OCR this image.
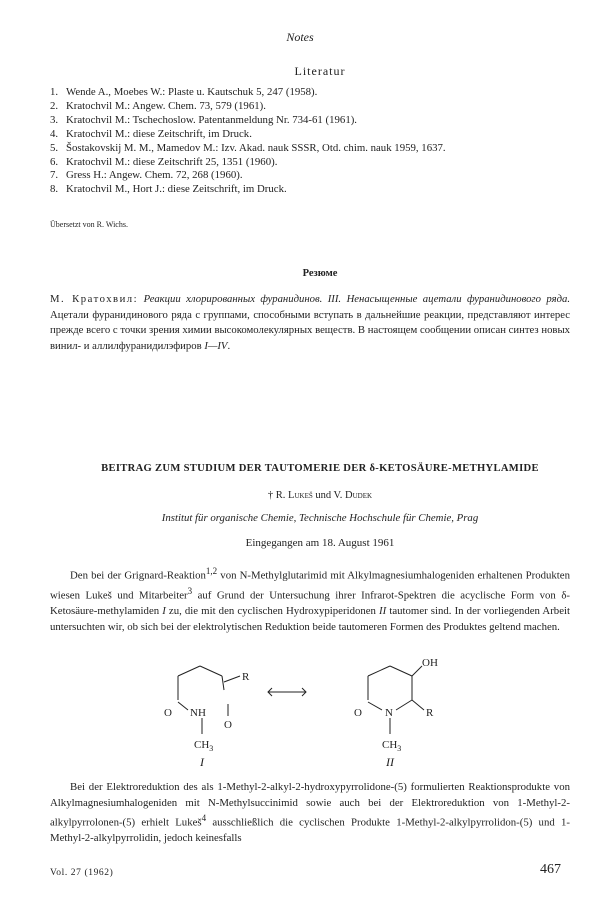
Notes
Literatur
1. Wende A., Moebes W.: Plaste u. Kautschuk 5, 247 (1958).
2. Kratochvil M.: Angew. Chem. 73, 579 (1961).
3. Kratochvil M.: Tschechoslow. Patentanmeldung Nr. 734-61 (1961).
4. Kratochvil M.: diese Zeitschrift, im Druck.
5. Šostakovskij M. M., Mamedov M.: Izv. Akad. nauk SSSR, Otd. chim. nauk 1959, 1637.
6. Kratochvil M.: diese Zeitschrift 25, 1351 (1960).
7. Gress H.: Angew. Chem. 72, 268 (1960).
8. Kratochvil M., Hort J.: diese Zeitschrift, im Druck.
Übersetzt von R. Wichs.
Резюме

М. Кратохвил: Реакции хлорированных фуранидинов. III. Ненасыщенные ацетали фуранидинового ряда. Ацетали фуранидинового ряда с группами, способными вступать в дальнейшие реакции, представляют интерес прежде всего с точки зрения химии высокомолекулярных веществ. В настоящем сообщении описан синтез новых винил- и аллилфуранидилэфиров I—IV.

BEITRAG ZUM STUDIUM DER TAUTOMERIE DER δ-KETOSÄURE-METHYLAMIDE
† R. Lukeš und V. Dudek
Institut für organische Chemie, Technische Hochschule für Chemie, Prag
Eingegangen am 18. August 1961

Den bei der Grignard-Reaktion$^{1,2}$ von N-Methylglutarimid mit Alkylmagnesiumhalogeniden erhaltenen Produkten wiesen Lukeš und Mitarbeiter$^3$ auf Grund der Untersuchung ihrer Infrarot-Spektren die acyclische Form von δ-Ketosäure-methylamiden I zu, die mit den cyclischen Hydroxypiperidonen II tautomer sind. In der vorliegenden Arbeit untersuchten wir, ob sich bei der elektrolytischen Reduktion beide tautomeren Formen des Produktes geltend machen.

O NH
O
R
$CH_3$
I
O N
OH
R
$CH_3$
II

Bei der Elektroreduktion des als 1-Methyl-2-alkyl-2-hydroxypyrrolidone-(5) formulierten Reaktionsprodukte von Alkylmagnesiumhalogeniden mit N-Methylsuccinimid sowie auch bei der Elektroreduktion von 1-Methyl-2-alkylpyrrolonen-(5) erhielt Lukeš$^4$ ausschließlich die cyclischen Produkte 1-Methyl-2-alkylpyrrolidon-(5) und 1-Methyl-2-alkylpyrrolidin, jedoch keinesfalls

Vol. 27 (1962)	467
